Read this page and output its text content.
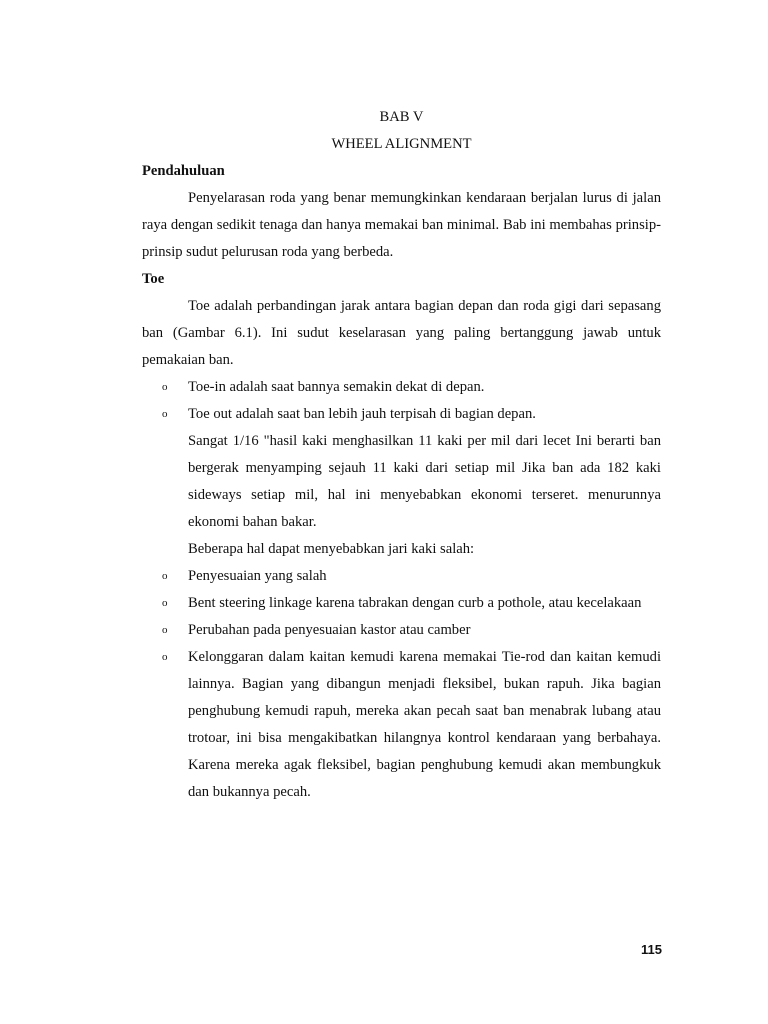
BAB V

WHEEL ALIGNMENT

Pendahuluan

Penyelarasan roda yang benar memungkinkan kendaraan berjalan lurus di jalan raya dengan sedikit tenaga dan hanya memakai ban minimal. Bab ini membahas prinsip-prinsip sudut pelurusan roda yang berbeda.

Toe

Toe adalah perbandingan jarak antara bagian depan dan roda gigi dari sepasang ban (Gambar 6.1). Ini sudut keselarasan yang paling bertanggung jawab untuk pemakaian ban.

o Toe-in adalah saat bannya semakin dekat di depan.
o Toe out adalah saat ban lebih jauh terpisah di bagian depan.

Sangat 1/16 "hasil kaki menghasilkan 11 kaki per mil dari lecet Ini berarti ban bergerak menyamping sejauh 11 kaki dari setiap mil Jika ban ada 182 kaki sideways setiap mil, hal ini menyebabkan ekonomi terseret. menurunnya ekonomi bahan bakar.

Beberapa hal dapat menyebabkan jari kaki salah:

o Penyesuaian yang salah
o Bent steering linkage karena tabrakan dengan curb a pothole, atau kecelakaan
o Perubahan pada penyesuaian kastor atau camber
o Kelonggaran dalam kaitan kemudi karena memakai Tie-rod dan kaitan kemudi lainnya. Bagian yang dibangun menjadi fleksibel, bukan rapuh. Jika bagian penghubung kemudi rapuh, mereka akan pecah saat ban menabrak lubang atau trotoar, ini bisa mengakibatkan hilangnya kontrol kendaraan yang berbahaya. Karena mereka agak fleksibel, bagian penghubung kemudi akan membungkuk dan bukannya pecah.
115
